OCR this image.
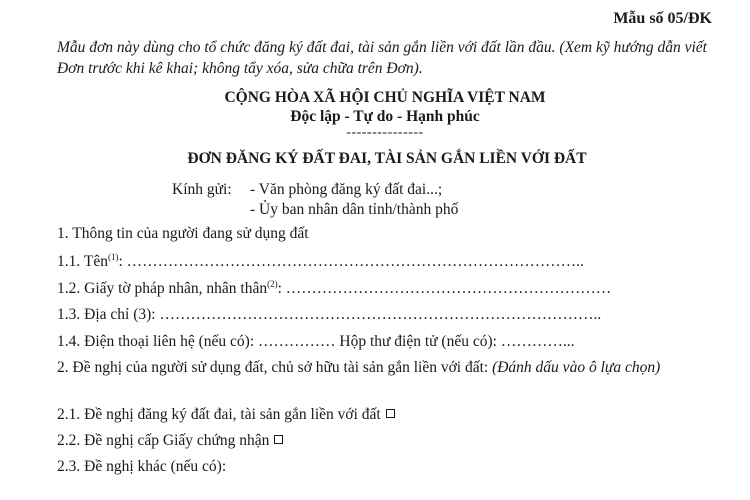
Mẫu số 05/ĐK
Mẫu đơn này dùng cho tổ chức đăng ký đất đai, tài sản gắn liền với đất lần đầu. (Xem kỹ hướng dẫn viết Đơn trước khi kê khai; không tẩy xóa, sửa chữa trên Đơn).
CỘNG HÒA XÃ HỘI CHỦ NGHĨA VIỆT NAM
Độc lập - Tự do - Hạnh phúc
---------------
ĐƠN ĐĂNG KÝ ĐẤT ĐAI, TÀI SẢN GẮN LIỀN VỚI ĐẤT
Kính gửi: - Văn phòng đăng ký đất đai...;
- Ủy ban nhân dân tỉnh/thành phố
1. Thông tin của người đang sử dụng đất
1.1. Tên$^{(1)}$: ……………………………………………………………………………..
1.2. Giấy tờ pháp nhân, nhân thân$^{(2)}$: ………………………………………………………
1.3. Địa chỉ (3): …………………………………………………………………………..
1.4. Điện thoại liên hệ (nếu có): …………… Hộp thư điện tử (nếu có): …………...
2. Đề nghị của người sử dụng đất, chủ sở hữu tài sản gắn liền với đất: (Đánh dấu vào ô lựa chọn)
2.1. Đề nghị đăng ký đất đai, tài sản gắn liền với đất
2.2. Đề nghị cấp Giấy chứng nhận
2.3. Đề nghị khác (nếu có):
